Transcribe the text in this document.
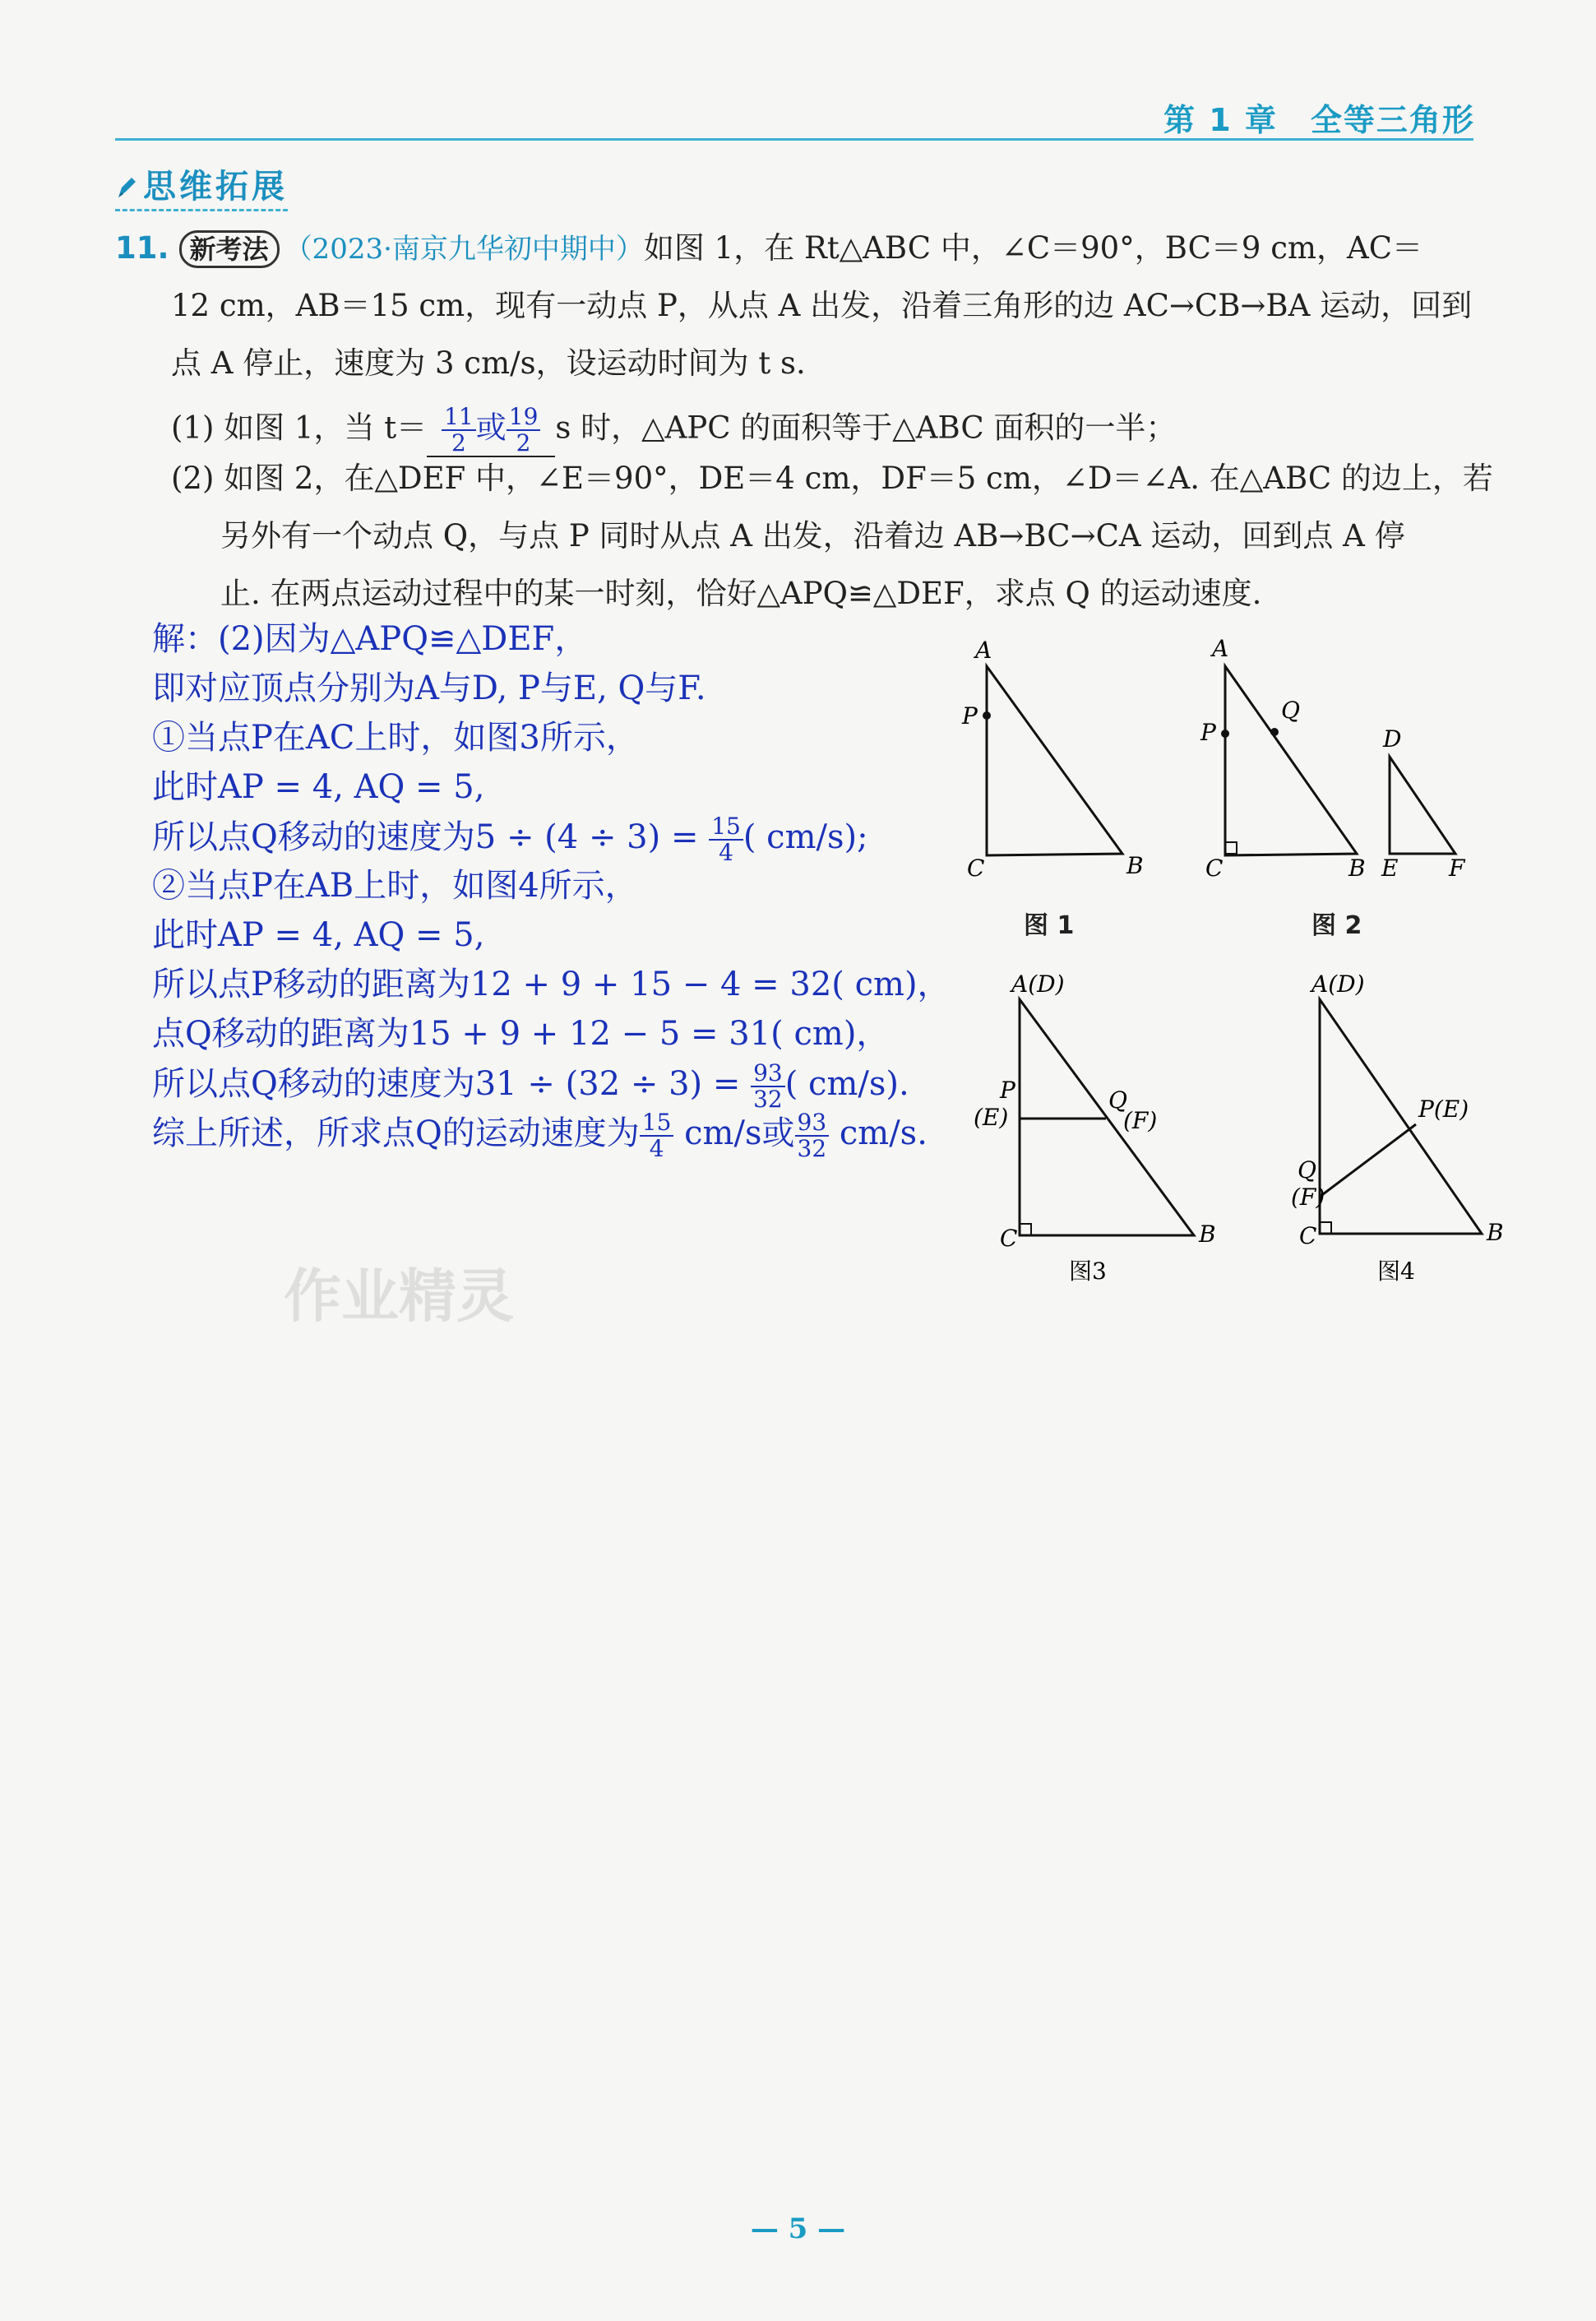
第 1 章　全等三角形
思维拓展
11. 新考法 （2023·南京九华初中期中）如图 1，在 Rt△ABC 中，∠C＝90°，BC＝9 cm，AC＝
12 cm，AB＝15 cm，现有一动点 P，从点 A 出发，沿着三角形的边 AC→CB→BA 运动，回到
点 A 停止，速度为 3 cm/s，设运动时间为 t s.
(1) 如图 1，当 $t= \frac{11}{2}$ 或 $\frac{19}{2}$ s 时，△APC 的面积等于△ABC 面积的一半；
(2) 如图 2，在△DEF 中，∠E＝90°，DE＝4 cm，DF＝5 cm，∠D＝∠A. 在△ABC 的边上，若
另外有一个动点 Q，与点 P 同时从点 A 出发，沿着边 AB→BC→CA 运动，回到点 A 停
止. 在两点运动过程中的某一时刻，恰好△APQ≌△DEF，求点 Q 的运动速度.
解：(2)因为△APQ≌△DEF，
即对应顶点分别为A与D, P与E, Q与F.
①当点P在AC上时，如图3所示，
此时AP = 4, AQ = 5,
所以点Q移动的速度为$5 \div (4 \div 3) = \frac{15}{4}$ ( cm/s);
②当点P在AB上时，如图4所示，
此时AP = 4, AQ = 5,
所以点P移动的距离为12 + 9 + 15 − 4 = 32( cm)，
点Q移动的距离为15 + 9 + 12 − 5 = 31( cm)，
所以点Q移动的速度为$31 \div (32 \div 3) = \frac{93}{32}$ ( cm/s).
综上所述，所求点Q的运动速度为 $\frac{15}{4} cm/s$或 $\frac{93}{32} cm/s$.
A
P
C	B
图 1
A
Q
P
C	B
D
E F
图 2
A(D)
P
(E)
Q
(F)
C	B
图3
A(D)
P(E)
Q
(F)
C	B
图4
作业精灵
— 5 —
